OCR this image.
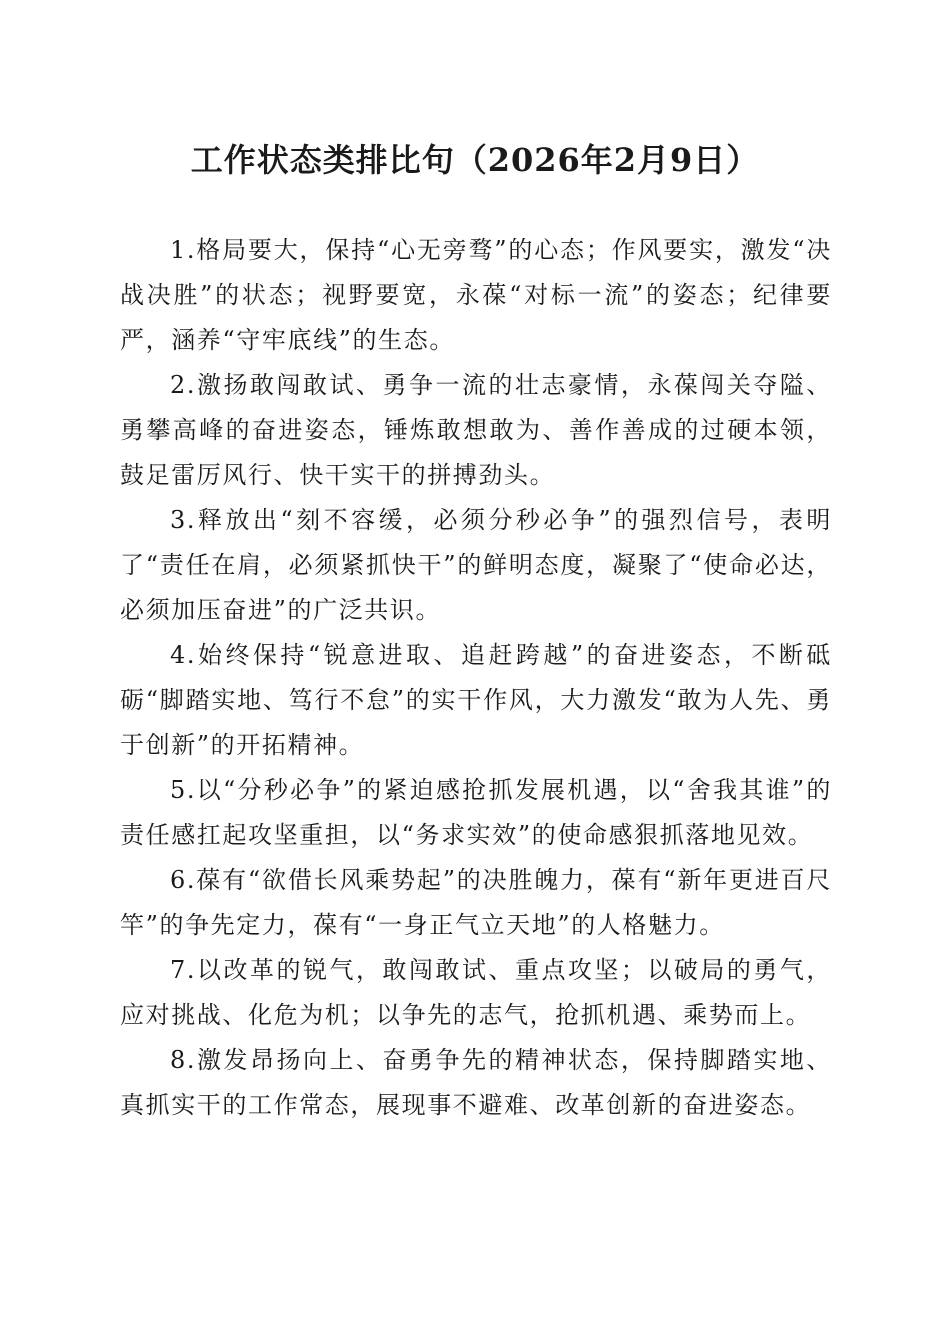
工作状态类排比句（2026年2月9日）

1.格局要大，保持“心无旁骛”的心态；作风要实，激发“决战决胜”的状态；视野要宽，永葆“对标一流”的姿态；纪律要严，涵养“守牢底线”的生态。

2.激扬敢闯敢试、勇争一流的壮志豪情，永葆闯关夺隘、勇攀高峰的奋进姿态，锤炼敢想敢为、善作善成的过硬本领，鼓足雷厉风行、快干实干的拼搏劲头。

3.释放出“刻不容缓，必须分秒必争”的强烈信号，表明了“责任在肩，必须紧抓快干”的鲜明态度，凝聚了“使命必达，必须加压奋进”的广泛共识。

4.始终保持“锐意进取、追赶跨越”的奋进姿态，不断砥砺“脚踏实地、笃行不怠”的实干作风，大力激发“敢为人先、勇于创新”的开拓精神。

5.以“分秒必争”的紧迫感抢抓发展机遇，以“舍我其谁”的责任感扛起攻坚重担，以“务求实效”的使命感狠抓落地见效。

6.葆有“欲借长风乘势起”的决胜魄力，葆有“新年更进百尺竿”的争先定力，葆有“一身正气立天地”的人格魅力。

7.以改革的锐气，敢闯敢试、重点攻坚；以破局的勇气，应对挑战、化危为机；以争先的志气，抢抓机遇、乘势而上。

8.激发昂扬向上、奋勇争先的精神状态，保持脚踏实地、真抓实干的工作常态，展现事不避难、改革创新的奋进姿态。
